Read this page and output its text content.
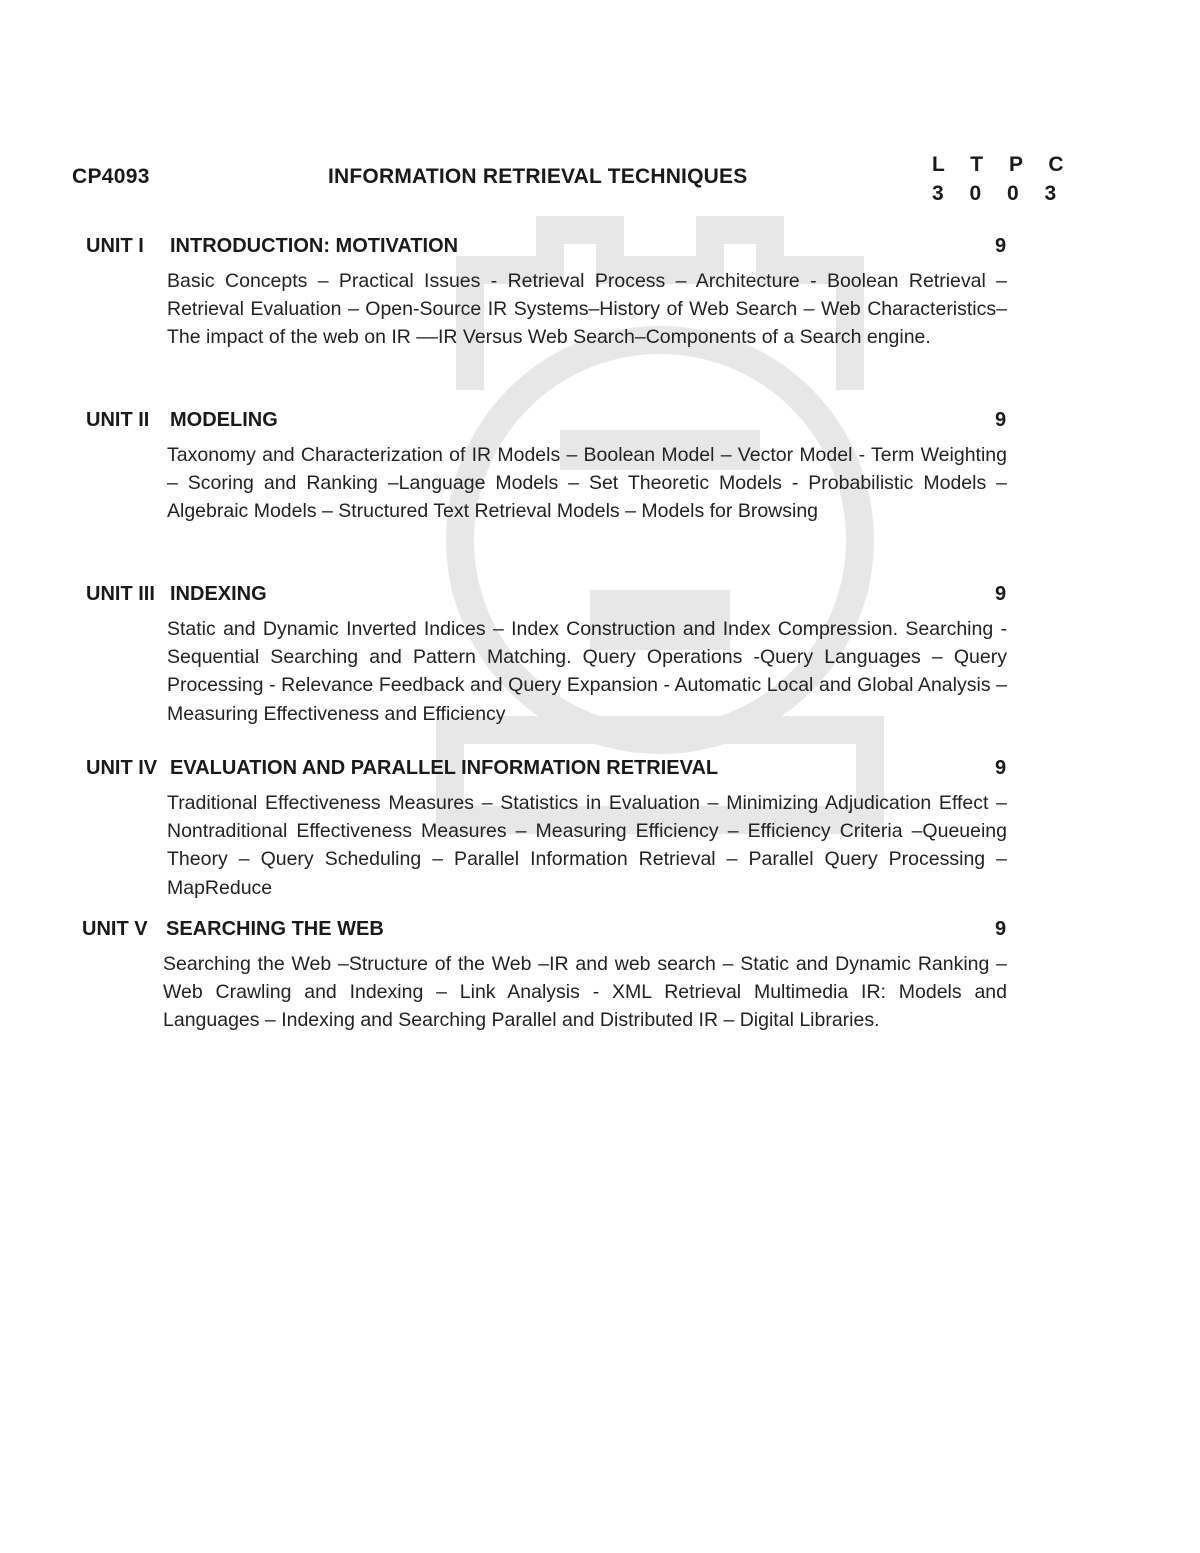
CP4093	INFORMATION RETRIEVAL TECHNIQUES
L T P C
3 0 0 3
UNIT I INTRODUCTION: MOTIVATION	9
Basic Concepts – Practical Issues - Retrieval Process – Architecture - Boolean Retrieval – Retrieval Evaluation – Open-Source IR Systems–History of Web Search – Web Characteristics–The impact of the web on IR ––IR Versus Web Search–Components of a Search engine.
UNIT II MODELING	9
Taxonomy and Characterization of IR Models – Boolean Model – Vector Model - Term Weighting – Scoring and Ranking –Language Models – Set Theoretic Models - Probabilistic Models – Algebraic Models – Structured Text Retrieval Models – Models for Browsing
UNIT III INDEXING	9
Static and Dynamic Inverted Indices – Index Construction and Index Compression. Searching - Sequential Searching and Pattern Matching. Query Operations -Query Languages – Query Processing - Relevance Feedback and Query Expansion - Automatic Local and Global Analysis – Measuring Effectiveness and Efficiency
UNIT IV EVALUATION AND PARALLEL INFORMATION RETRIEVAL	9
Traditional Effectiveness Measures – Statistics in Evaluation – Minimizing Adjudication Effect – Nontraditional Effectiveness Measures – Measuring Efficiency – Efficiency Criteria –Queueing Theory – Query Scheduling – Parallel Information Retrieval – Parallel Query Processing – MapReduce
UNIT V SEARCHING THE WEB	9
Searching the Web –Structure of the Web –IR and web search – Static and Dynamic Ranking – Web Crawling and Indexing – Link Analysis - XML Retrieval Multimedia IR: Models and Languages – Indexing and Searching Parallel and Distributed IR – Digital Libraries.
